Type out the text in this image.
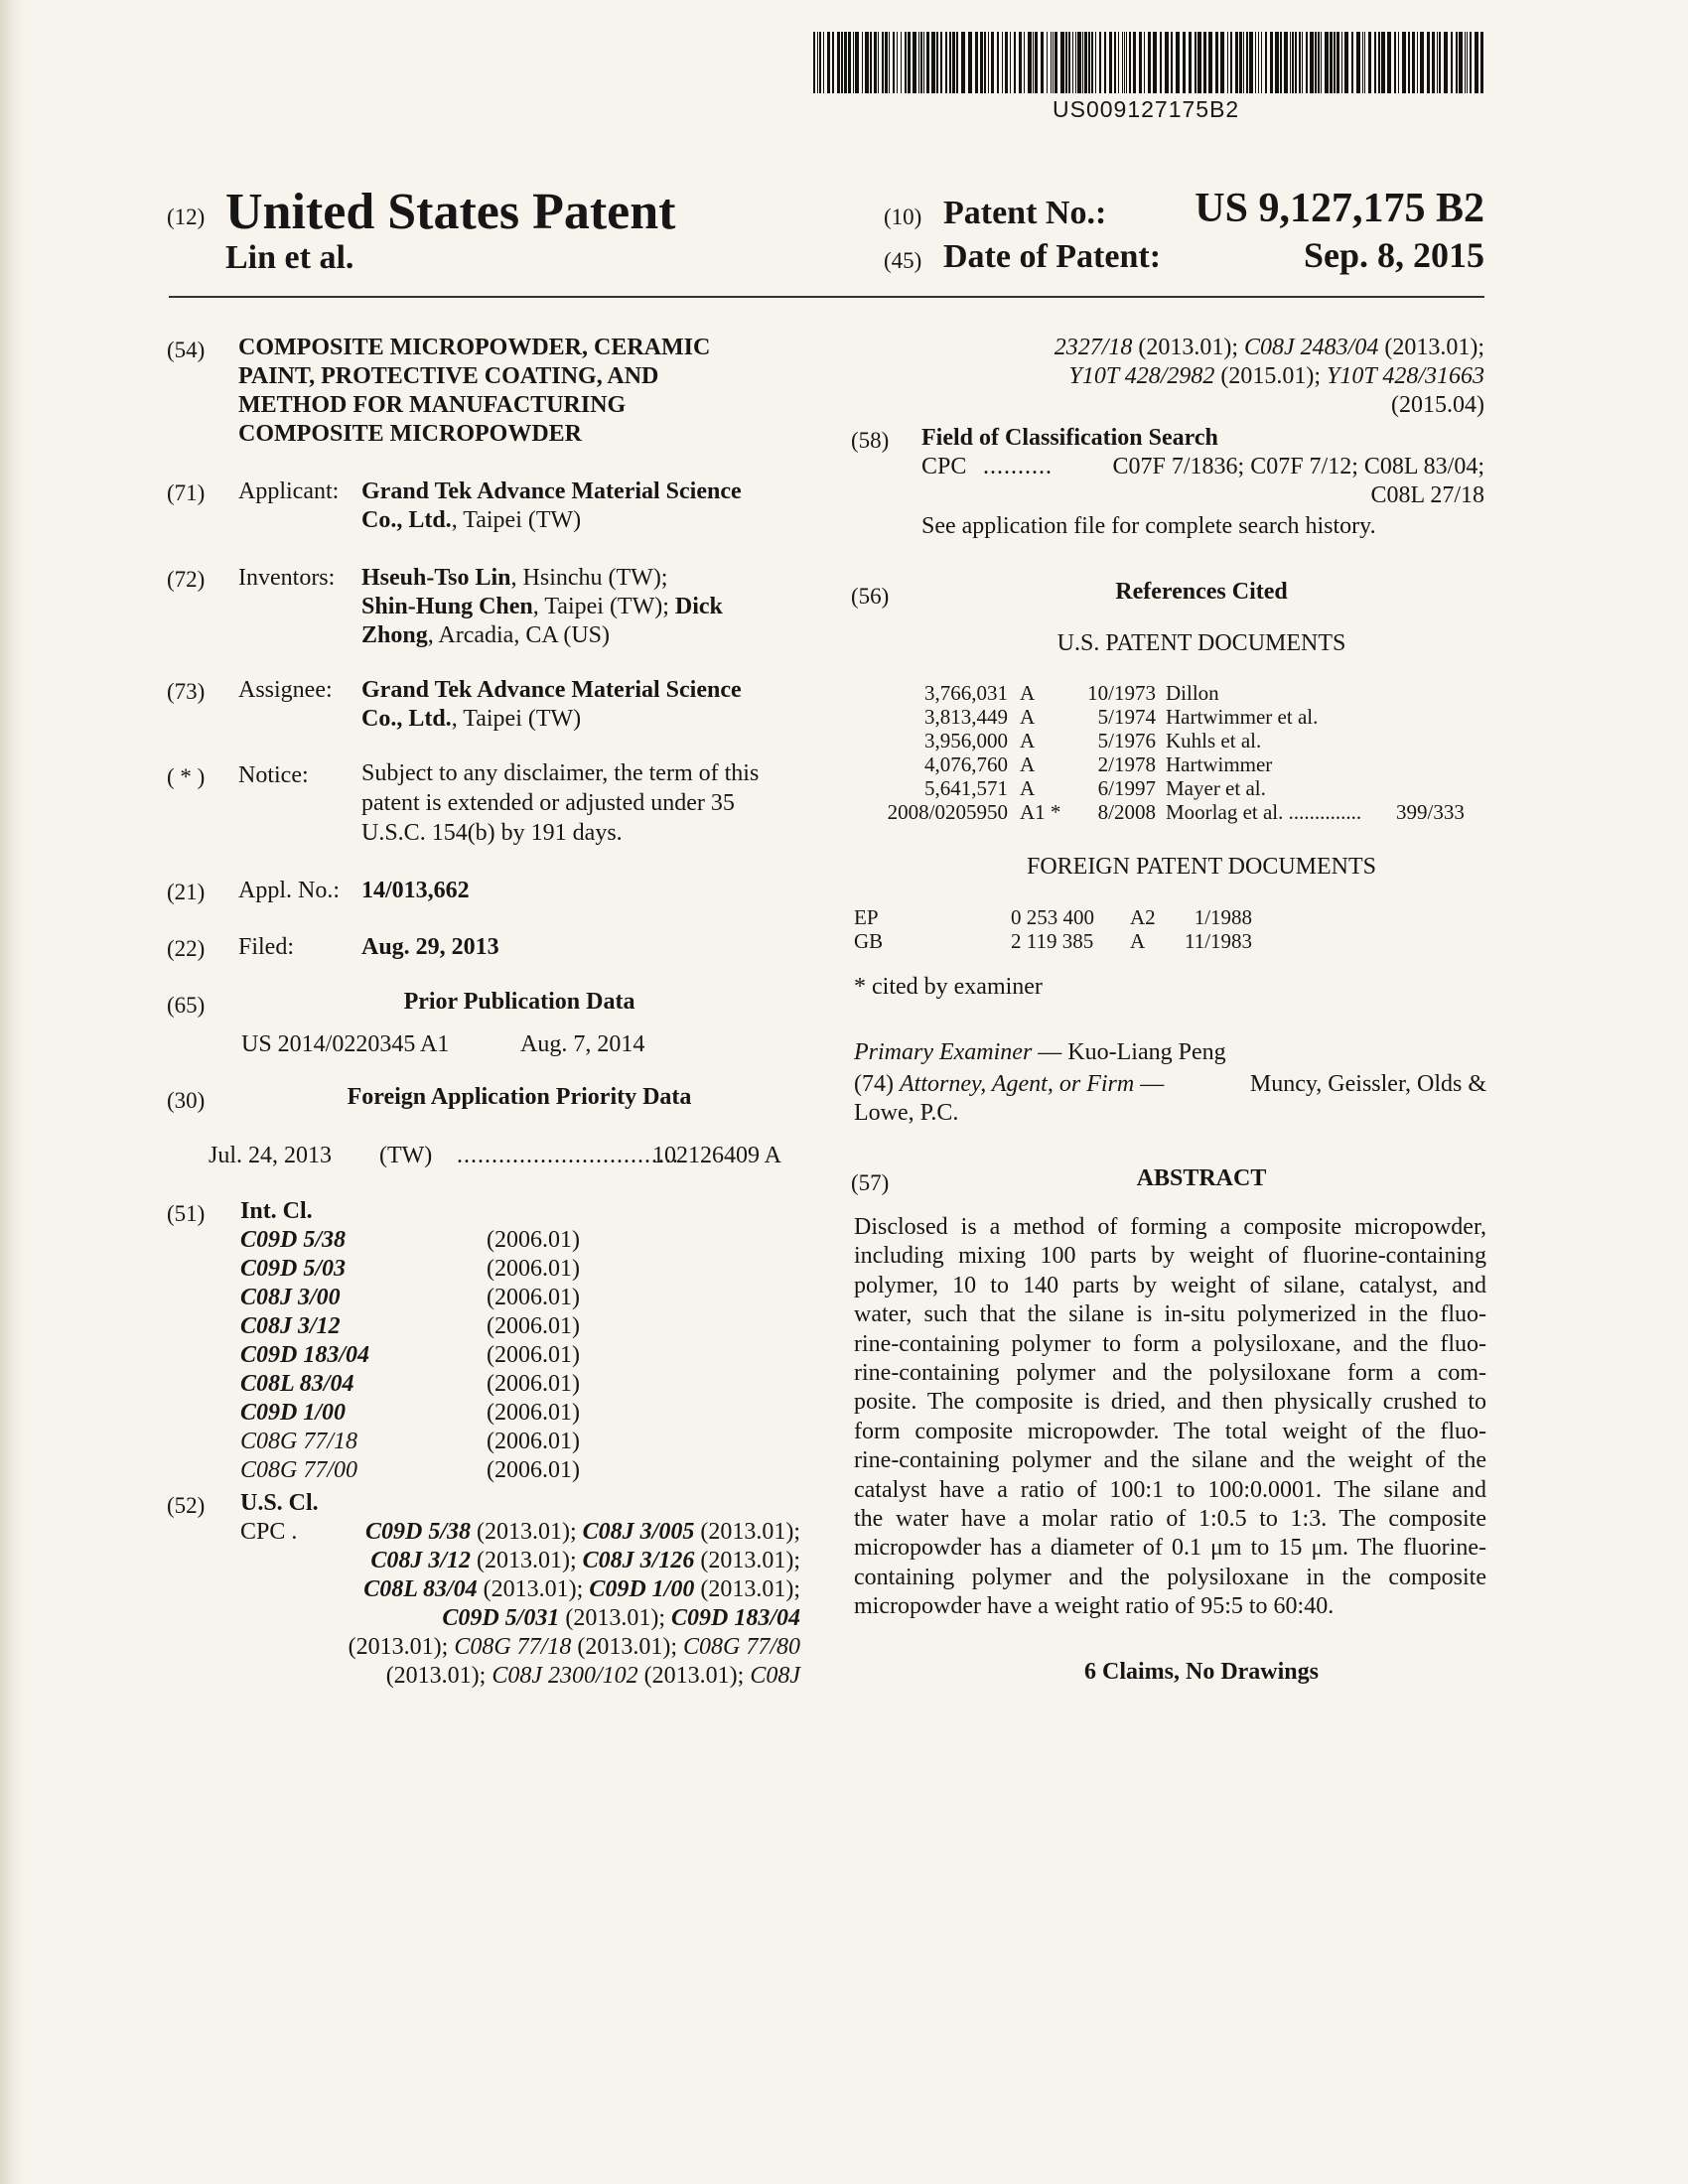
US009127175B2
(12) United States Patent
Lin et al.
(10) Patent No.:	US 9,127,175 B2
(45) Date of Patent:	Sep. 8, 2015
(54) COMPOSITE MICROPOWDER, CERAMIC
PAINT, PROTECTIVE COATING, AND
METHOD FOR MANUFACTURING
COMPOSITE MICROPOWDER
(71) Applicant: Grand Tek Advance Material Science
Co., Ltd., Taipei (TW)
(72) Inventors: Hseuh-Tso Lin, Hsinchu (TW);
Shin-Hung Chen, Taipei (TW); Dick
Zhong, Arcadia, CA (US)
(73) Assignee: Grand Tek Advance Material Science
Co., Ltd., Taipei (TW)
( * ) Notice: Subject to any disclaimer, the term of this
patent is extended or adjusted under 35
U.S.C. 154(b) by 191 days.
(21) Appl. No.: 14/013,662
(22) Filed:	Aug. 29, 2013
(65)	Prior Publication Data
US 2014/0220345 A1	Aug. 7, 2014
(30)	Foreign Application Priority Data
Jul. 24, 2013 (TW) ................................
102126409 A
(51) Int. Cl.
C09D 5/38	(2006.01)
C09D 5/03	(2006.01)
C08J 3/00	(2006.01)
C08J 3/12	(2006.01)
C09D 183/04	(2006.01)
C08L 83/04	(2006.01)
C09D 1/00	(2006.01)
C08G 77/18	(2006.01)
C08G 77/00	(2006.01)
(52) U.S. Cl.
CPC .	C09D 5/38 (2013.01); C08J 3/005 (2013.01);
C08J 3/12 (2013.01); C08J 3/126 (2013.01);
C08L 83/04 (2013.01); C09D 1/00 (2013.01);
C09D 5/031 (2013.01); C09D 183/04
(2013.01); C08G 77/18 (2013.01); C08G 77/80
(2013.01); C08J 2300/102 (2013.01); C08J
2327/18 (2013.01); C08J 2483/04 (2013.01);
Y10T 428/2982 (2015.01); Y10T 428/31663
(2015.04)
(58) Field of Classification Search
CPC ..........	C07F 7/1836; C07F 7/12; C08L 83/04;
C08L 27/18
See application file for complete search history.
(56)	References Cited
U.S. PATENT DOCUMENTS
3,766,031	A	10/1973	Dillon	
3,813,449	A	5/1974	Hartwimmer et al.	
3,956,000	A	5/1976	Kuhls et al.	
4,076,760	A	2/1978	Hartwimmer	
5,641,571	A	6/1997	Mayer et al.	
2008/0205950	A1 *	8/2008	Moorlag et al. ..............	399/333
FOREIGN PATENT DOCUMENTS
EP	0 253 400	A2	1/1988
GB	2 119 385	A	11/1983
* cited by examiner
Primary Examiner — Kuo-Liang Peng
(74) Attorney, Agent, or Firm —	Muncy, Geissler, Olds &
Lowe, P.C.
(57)	ABSTRACT
Disclosed is a method of forming a composite micropowder,
including mixing 100 parts by weight of fluorine-containing
polymer, 10 to 140 parts by weight of silane, catalyst, and
water, such that the silane is in-situ polymerized in the fluo-
rine-containing polymer to form a polysiloxane, and the fluo-
rine-containing polymer and the polysiloxane form a com-
posite. The composite is dried, and then physically crushed to
form composite micropowder. The total weight of the fluo-
rine-containing polymer and the silane and the weight of the
catalyst have a ratio of 100:1 to 100:0.0001. The silane and
the water have a molar ratio of 1:0.5 to 1:3. The composite
micropowder has a diameter of 0.1 μm to 15 μm. The fluorine-
containing polymer and the polysiloxane in the composite
micropowder have a weight ratio of 95:5 to 60:40.
6 Claims, No Drawings
